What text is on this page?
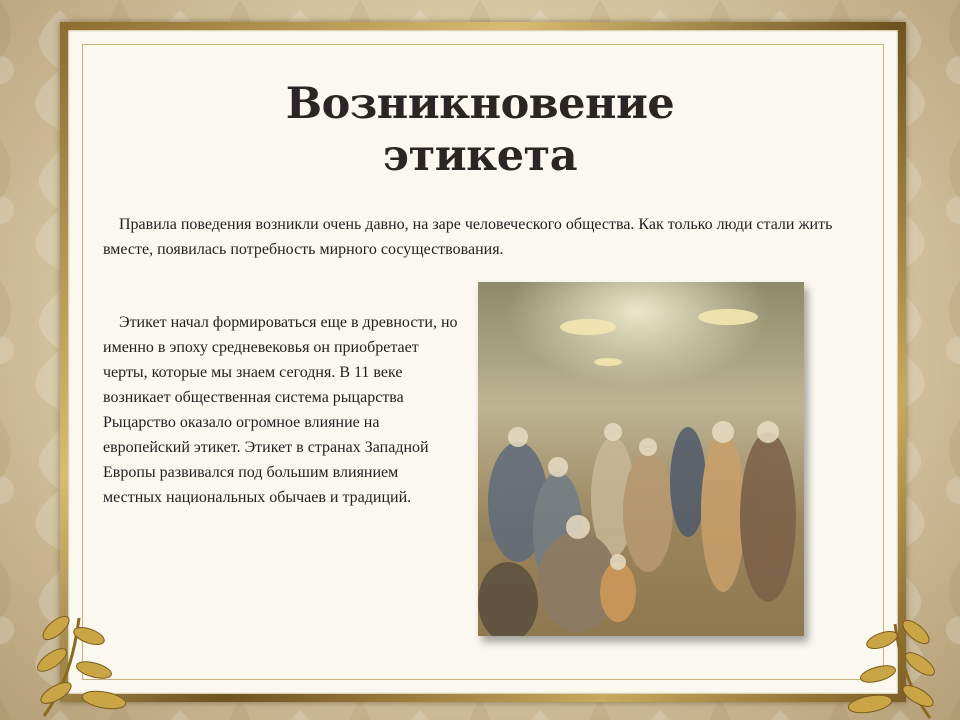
Возникновение
этикета

Правила поведения возникли очень давно, на заре человеческого общества. Как только люди стали жить вместе, появилась потребность мирного сосуществования.

Этикет начал формироваться еще в древности, но именно в эпоху средневековья он приобретает черты, которые мы знаем сегодня. В 11 веке возникает общественная система рыцарства Рыцарство оказало огромное влияние на европейский этикет. Этикет в странах Западной Европы развивался под большим влиянием местных национальных обычаев и традиций.
